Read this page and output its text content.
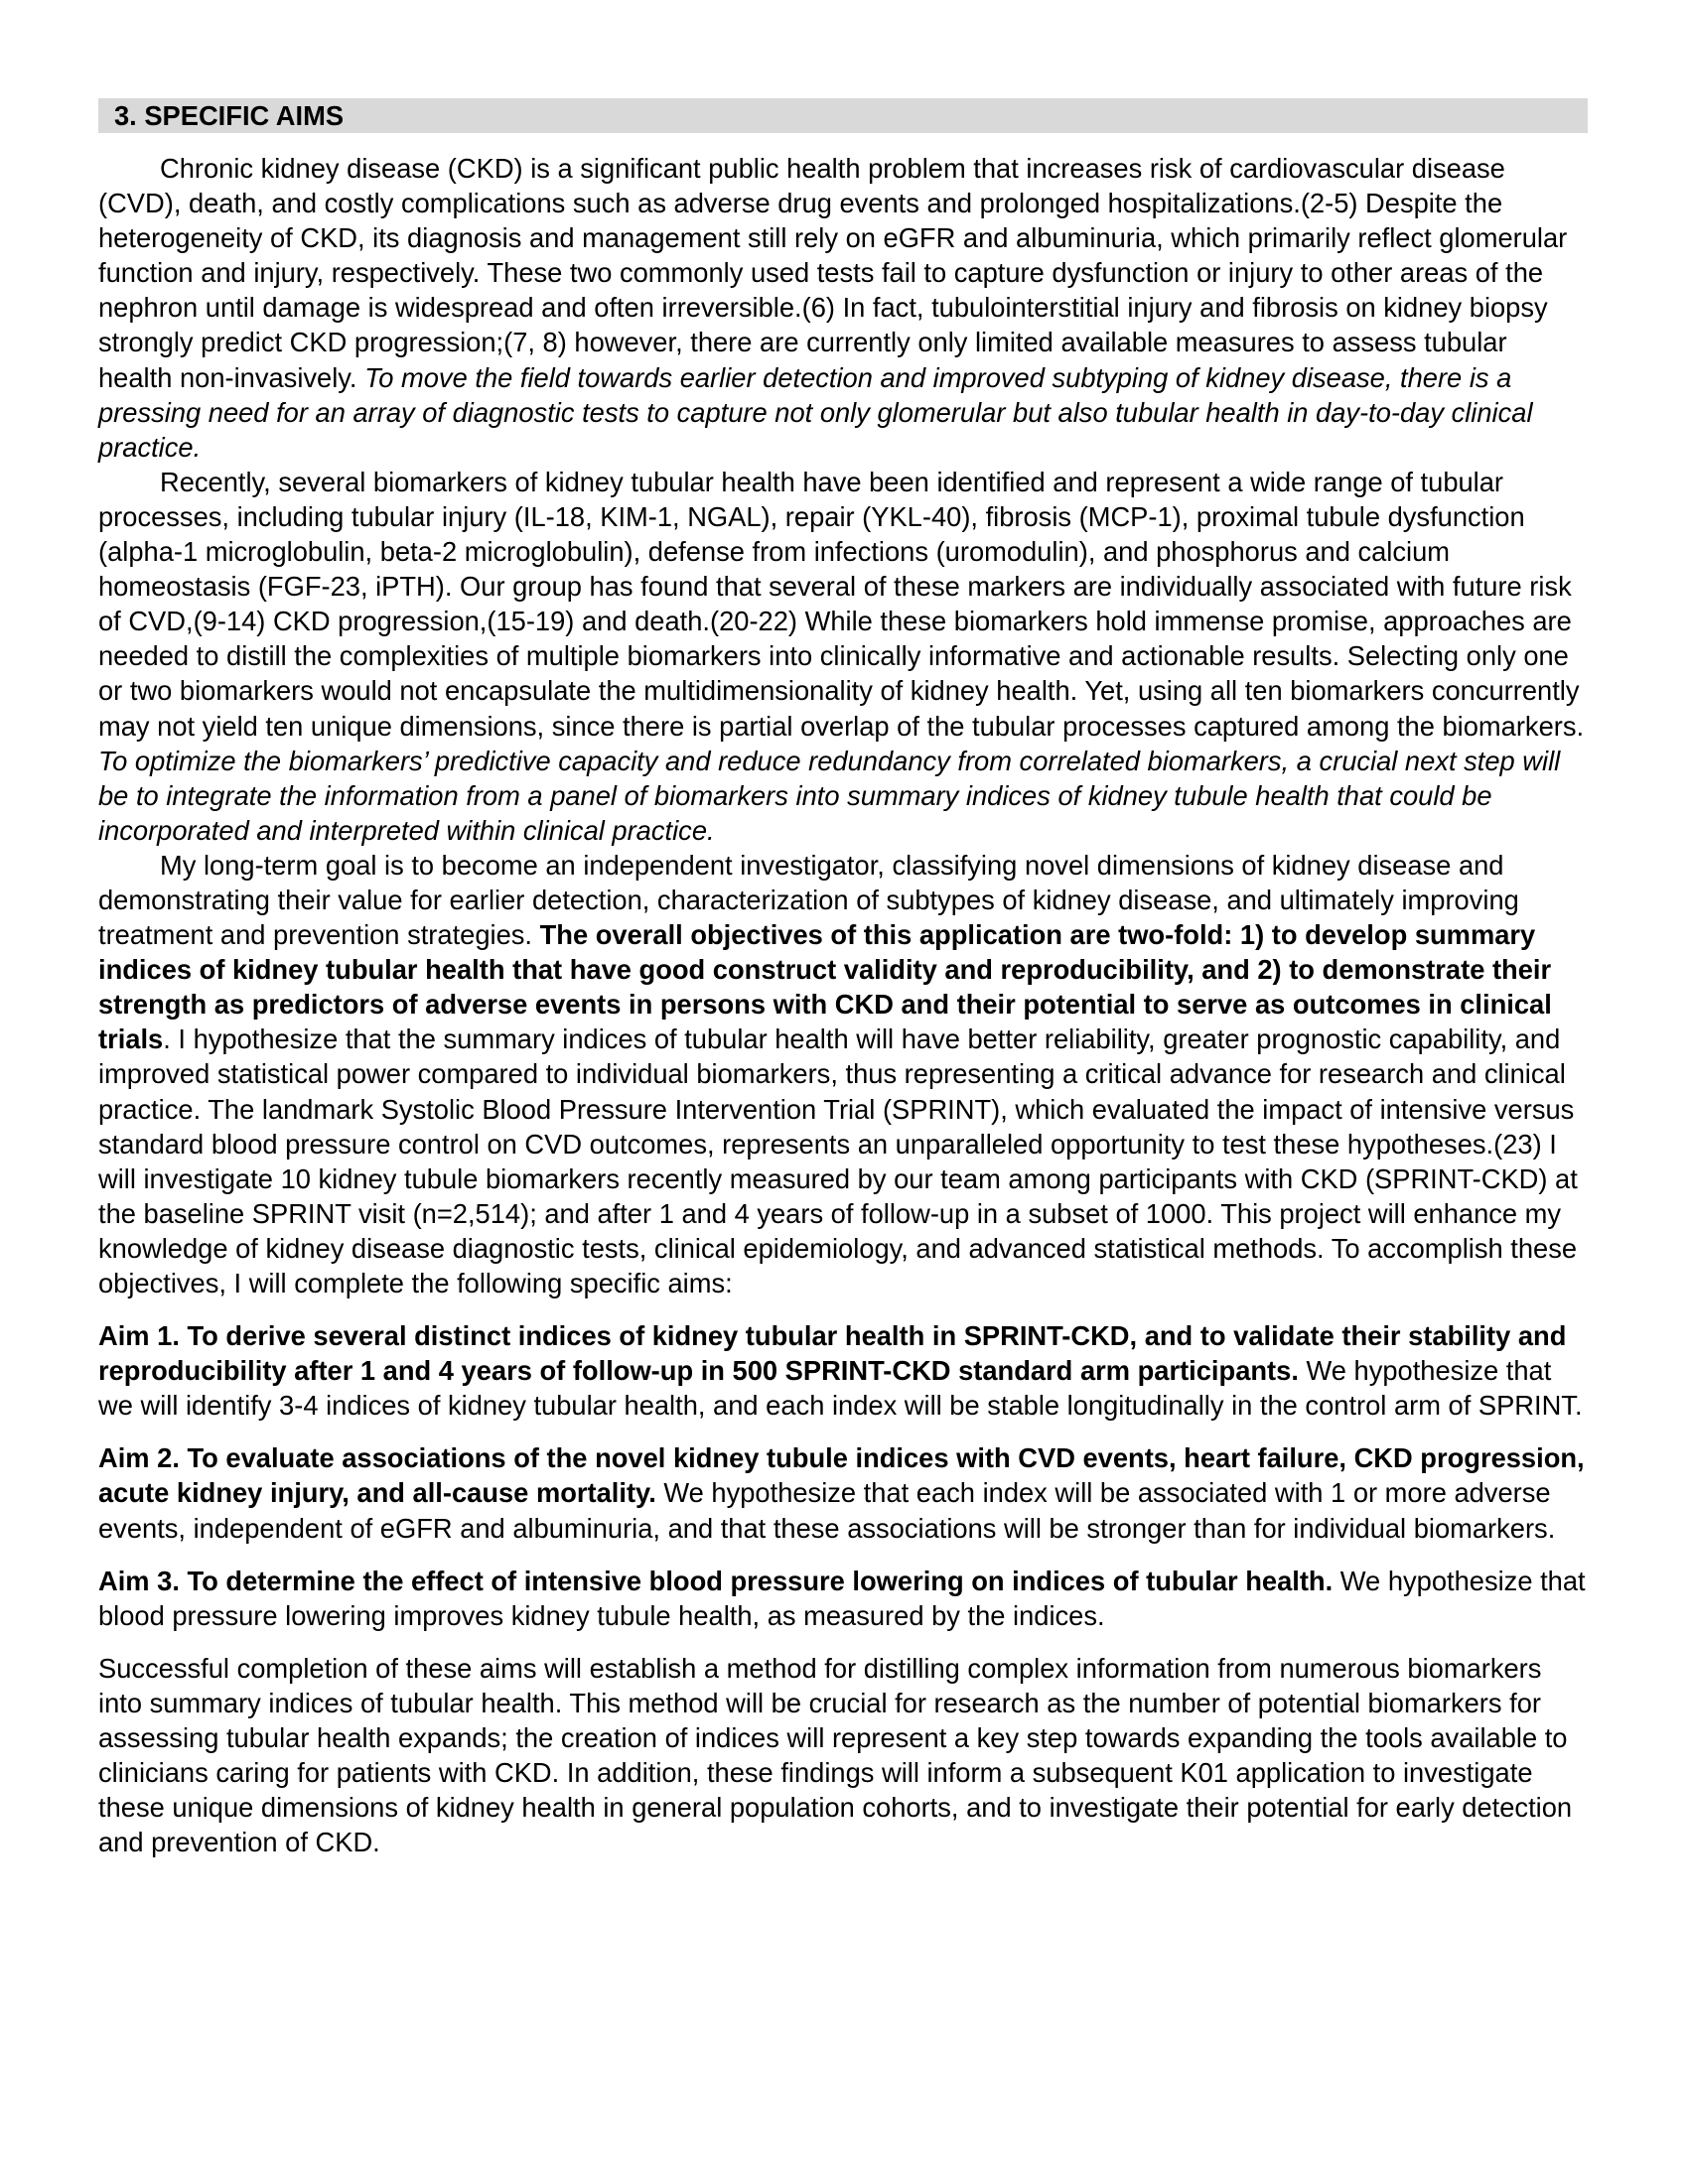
3. SPECIFIC AIMS

Chronic kidney disease (CKD) is a significant public health problem that increases risk of cardiovascular disease (CVD), death, and costly complications such as adverse drug events and prolonged hospitalizations.(2-5) Despite the heterogeneity of CKD, its diagnosis and management still rely on eGFR and albuminuria, which primarily reflect glomerular function and injury, respectively. These two commonly used tests fail to capture dysfunction or injury to other areas of the nephron until damage is widespread and often irreversible.(6) In fact, tubulointerstitial injury and fibrosis on kidney biopsy strongly predict CKD progression;(7, 8) however, there are currently only limited available measures to assess tubular health non-invasively. To move the field towards earlier detection and improved subtyping of kidney disease, there is a pressing need for an array of diagnostic tests to capture not only glomerular but also tubular health in day-to-day clinical practice.

Recently, several biomarkers of kidney tubular health have been identified and represent a wide range of tubular processes, including tubular injury (IL-18, KIM-1, NGAL), repair (YKL-40), fibrosis (MCP-1), proximal tubule dysfunction (alpha-1 microglobulin, beta-2 microglobulin), defense from infections (uromodulin), and phosphorus and calcium homeostasis (FGF-23, iPTH). Our group has found that several of these markers are individually associated with future risk of CVD,(9-14) CKD progression,(15-19) and death.(20-22) While these biomarkers hold immense promise, approaches are needed to distill the complexities of multiple biomarkers into clinically informative and actionable results. Selecting only one or two biomarkers would not encapsulate the multidimensionality of kidney health. Yet, using all ten biomarkers concurrently may not yield ten unique dimensions, since there is partial overlap of the tubular processes captured among the biomarkers. To optimize the biomarkers’ predictive capacity and reduce redundancy from correlated biomarkers, a crucial next step will be to integrate the information from a panel of biomarkers into summary indices of kidney tubule health that could be incorporated and interpreted within clinical practice.

My long-term goal is to become an independent investigator, classifying novel dimensions of kidney disease and demonstrating their value for earlier detection, characterization of subtypes of kidney disease, and ultimately improving treatment and prevention strategies. The overall objectives of this application are two-fold: 1) to develop summary indices of kidney tubular health that have good construct validity and reproducibility, and 2) to demonstrate their strength as predictors of adverse events in persons with CKD and their potential to serve as outcomes in clinical trials. I hypothesize that the summary indices of tubular health will have better reliability, greater prognostic capability, and improved statistical power compared to individual biomarkers, thus representing a critical advance for research and clinical practice. The landmark Systolic Blood Pressure Intervention Trial (SPRINT), which evaluated the impact of intensive versus standard blood pressure control on CVD outcomes, represents an unparalleled opportunity to test these hypotheses.(23) I will investigate 10 kidney tubule biomarkers recently measured by our team among participants with CKD (SPRINT-CKD) at the baseline SPRINT visit (n=2,514); and after 1 and 4 years of follow-up in a subset of 1000. This project will enhance my knowledge of kidney disease diagnostic tests, clinical epidemiology, and advanced statistical methods. To accomplish these objectives, I will complete the following specific aims:

Aim 1. To derive several distinct indices of kidney tubular health in SPRINT-CKD, and to validate their stability and reproducibility after 1 and 4 years of follow-up in 500 SPRINT-CKD standard arm participants. We hypothesize that we will identify 3-4 indices of kidney tubular health, and each index will be stable longitudinally in the control arm of SPRINT.

Aim 2. To evaluate associations of the novel kidney tubule indices with CVD events, heart failure, CKD progression, acute kidney injury, and all-cause mortality. We hypothesize that each index will be associated with 1 or more adverse events, independent of eGFR and albuminuria, and that these associations will be stronger than for individual biomarkers.

Aim 3. To determine the effect of intensive blood pressure lowering on indices of tubular health. We hypothesize that blood pressure lowering improves kidney tubule health, as measured by the indices.

Successful completion of these aims will establish a method for distilling complex information from numerous biomarkers into summary indices of tubular health. This method will be crucial for research as the number of potential biomarkers for assessing tubular health expands; the creation of indices will represent a key step towards expanding the tools available to clinicians caring for patients with CKD. In addition, these findings will inform a subsequent K01 application to investigate these unique dimensions of kidney health in general population cohorts, and to investigate their potential for early detection and prevention of CKD.
